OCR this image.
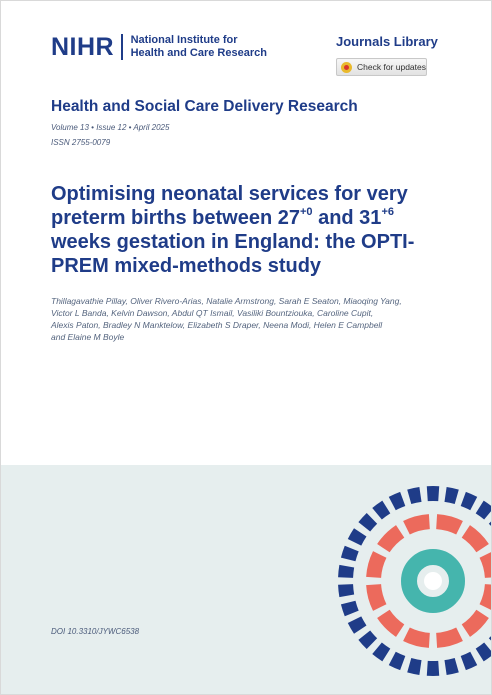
NIHR National Institute for
Health and Care Research
Journals Library
Check for updates
Health and Social Care Delivery Research
Volume 13 • Issue 12 • April 2025
ISSN 2755-0079
Optimising neonatal services for very
preterm births between $27^{+0}$ and $31^{+6}$
weeks gestation in England: the OPTI-
PREM mixed-methods study
Thillagavathie Pillay, Oliver Rivero-Arias, Natalie Armstrong, Sarah E Seaton, Miaoqing Yang,
Victor L Banda, Kelvin Dawson, Abdul QT Ismail, Vasiliki Bountziouka, Caroline Cupit,
Alexis Paton, Bradley N Manktelow, Elizabeth S Draper, Neena Modi, Helen E Campbell
and Elaine M Boyle
DOI 10.3310/JYWC6538
